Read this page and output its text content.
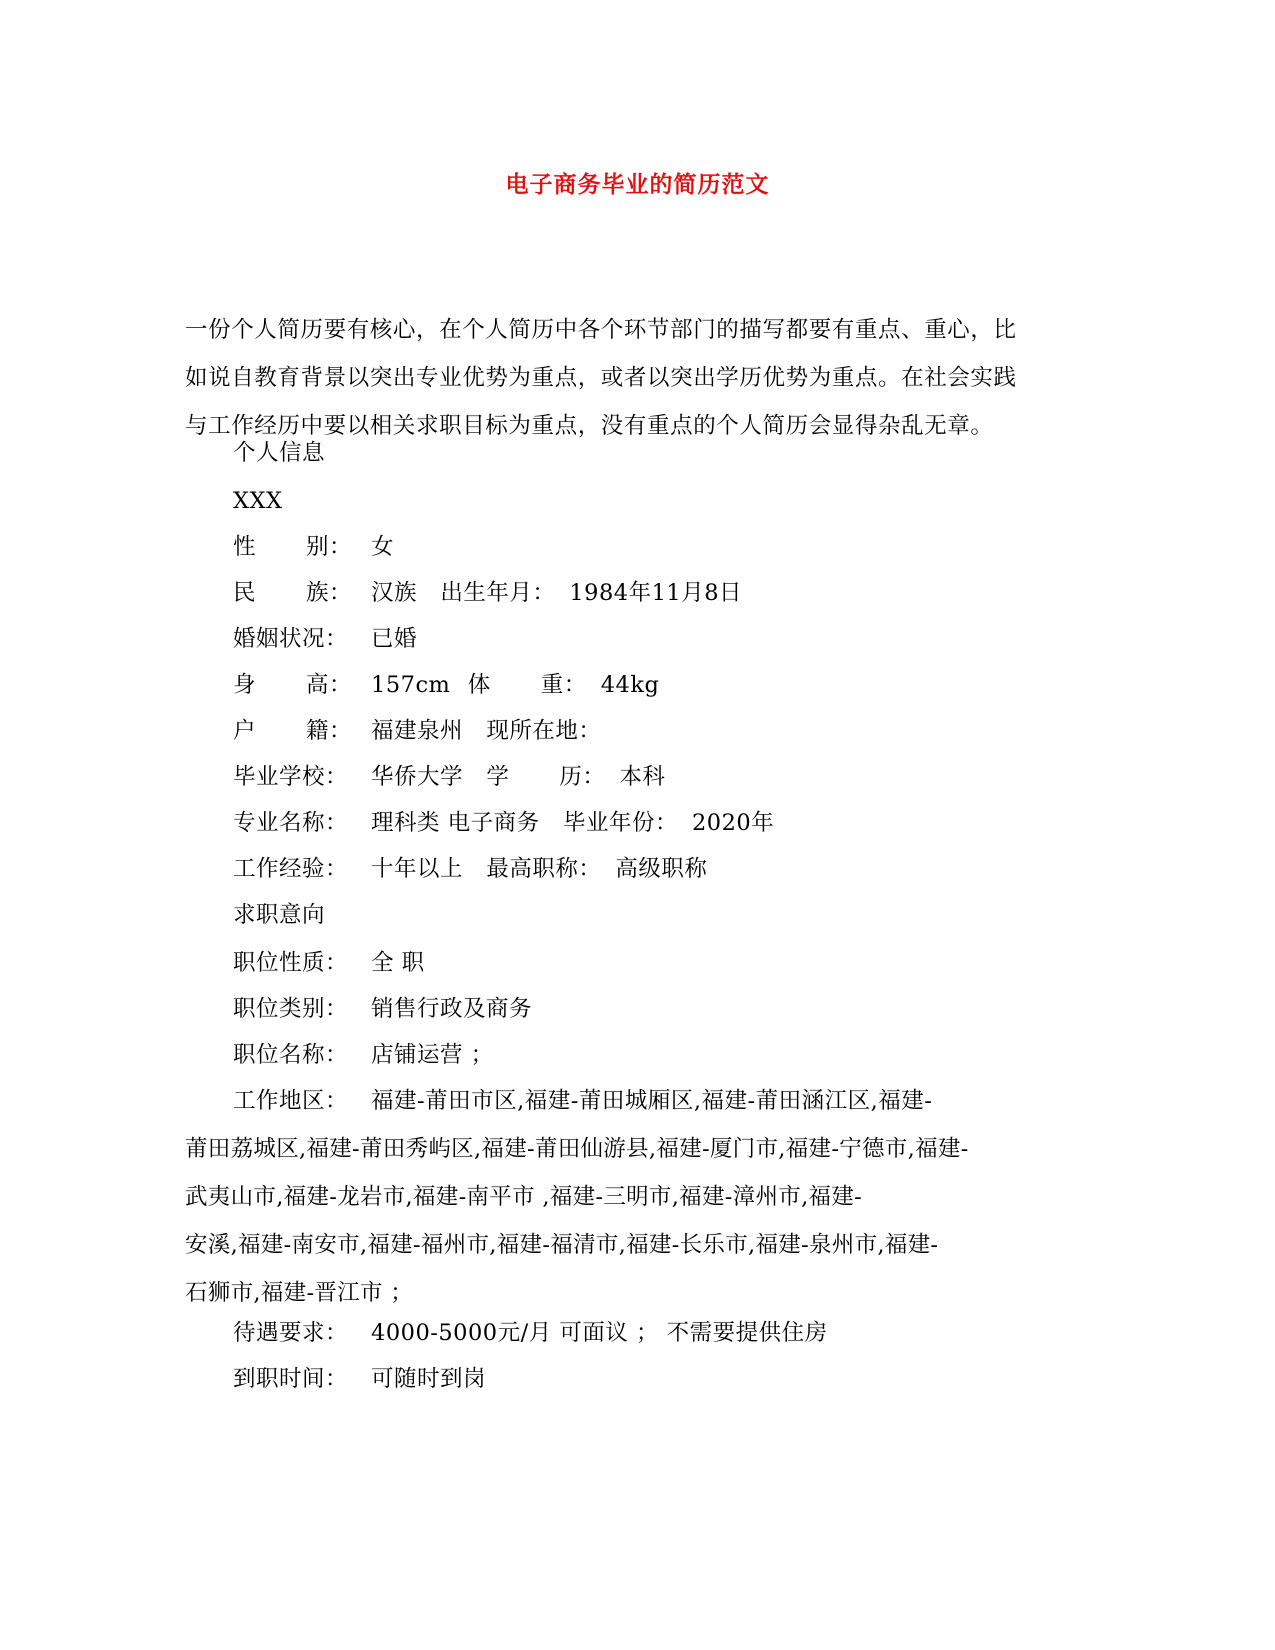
电子商务毕业的简历范文

一份个人简历要有核心，在个人简历中各个环节部门的描写都要有重点、重心，比

如说自教育背景以突出专业优势为重点，或者以突出学历优势为重点。在社会实践

与工作经历中要以相关求职目标为重点，没有重点的个人简历会显得杂乱无章。

个人信息
XXX
性 别： 女
民 族： 汉族 出生年月： 1984年11月8日
婚姻状况： 已婚
身 高： 157cm 体 重： 44kg
户 籍： 福建泉州 现所在地：
毕业学校： 华侨大学 学 历： 本科
专业名称： 理科类 电子商务 毕业年份： 2020年
工作经验： 十年以上 最高职称： 高级职称
求职意向
职位性质： 全 职
职位类别： 销售行政及商务
职位名称： 店铺运营 ；
工作地区： 福建-莆田市区,福建-莆田城厢区,福建-莆田涵江区,福建-

莆田荔城区,福建-莆田秀屿区,福建-莆田仙游县,福建-厦门市,福建-宁德市,福建-

武夷山市,福建-龙岩市,福建-南平市 ,福建-三明市,福建-漳州市,福建-

安溪,福建-南安市,福建-福州市,福建-福清市,福建-长乐市,福建-泉州市,福建-

石狮市,福建-晋江市 ；

待遇要求： 4000-5000元/月 可面议 ； 不需要提供住房
到职时间： 可随时到岗
